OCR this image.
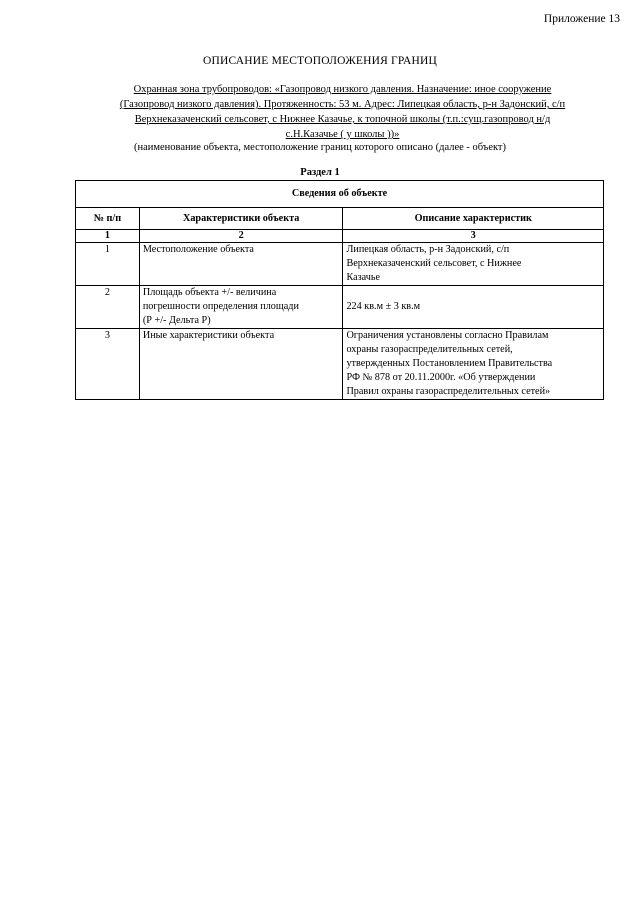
Приложение 13
ОПИСАНИЕ МЕСТОПОЛОЖЕНИЯ ГРАНИЦ
Охранная зона трубопроводов: «Газопровод низкого давления. Назначение: иное сооружение
(Газопровод низкого давления). Протяженность: 53 м. Адрес: Липецкая область, р-н Задонский, с/п
Верхнеказаченский сельсовет, с Нижнее Казачье, к топочной школы (т.п.:сущ.газопровод н/д
с.Н.Казачье ( у школы ))»
(наименование объекта, местоположение границ которого описано (далее - объект)
Раздел 1
Сведения об объекте		
№ п/п	Характеристики объекта	Описание характеристик
1	2	3
1	Местоположение объекта	Липецкая область, р-н Задонский, с/п
Верхнеказаченский сельсовет, с Нижнее
Казачье
2	Площадь объекта +/- величина
погрешности определения площади
(Р +/- Дельта Р)	224 кв.м ± 3 кв.м
3	Иные характеристики объекта	Ограничения установлены согласно Правилам
охраны газораспределительных сетей,
утвержденных Постановлением Правительства
РФ № 878 от 20.11.2000г. «Об утверждении
Правил охраны газораспределительных сетей»
